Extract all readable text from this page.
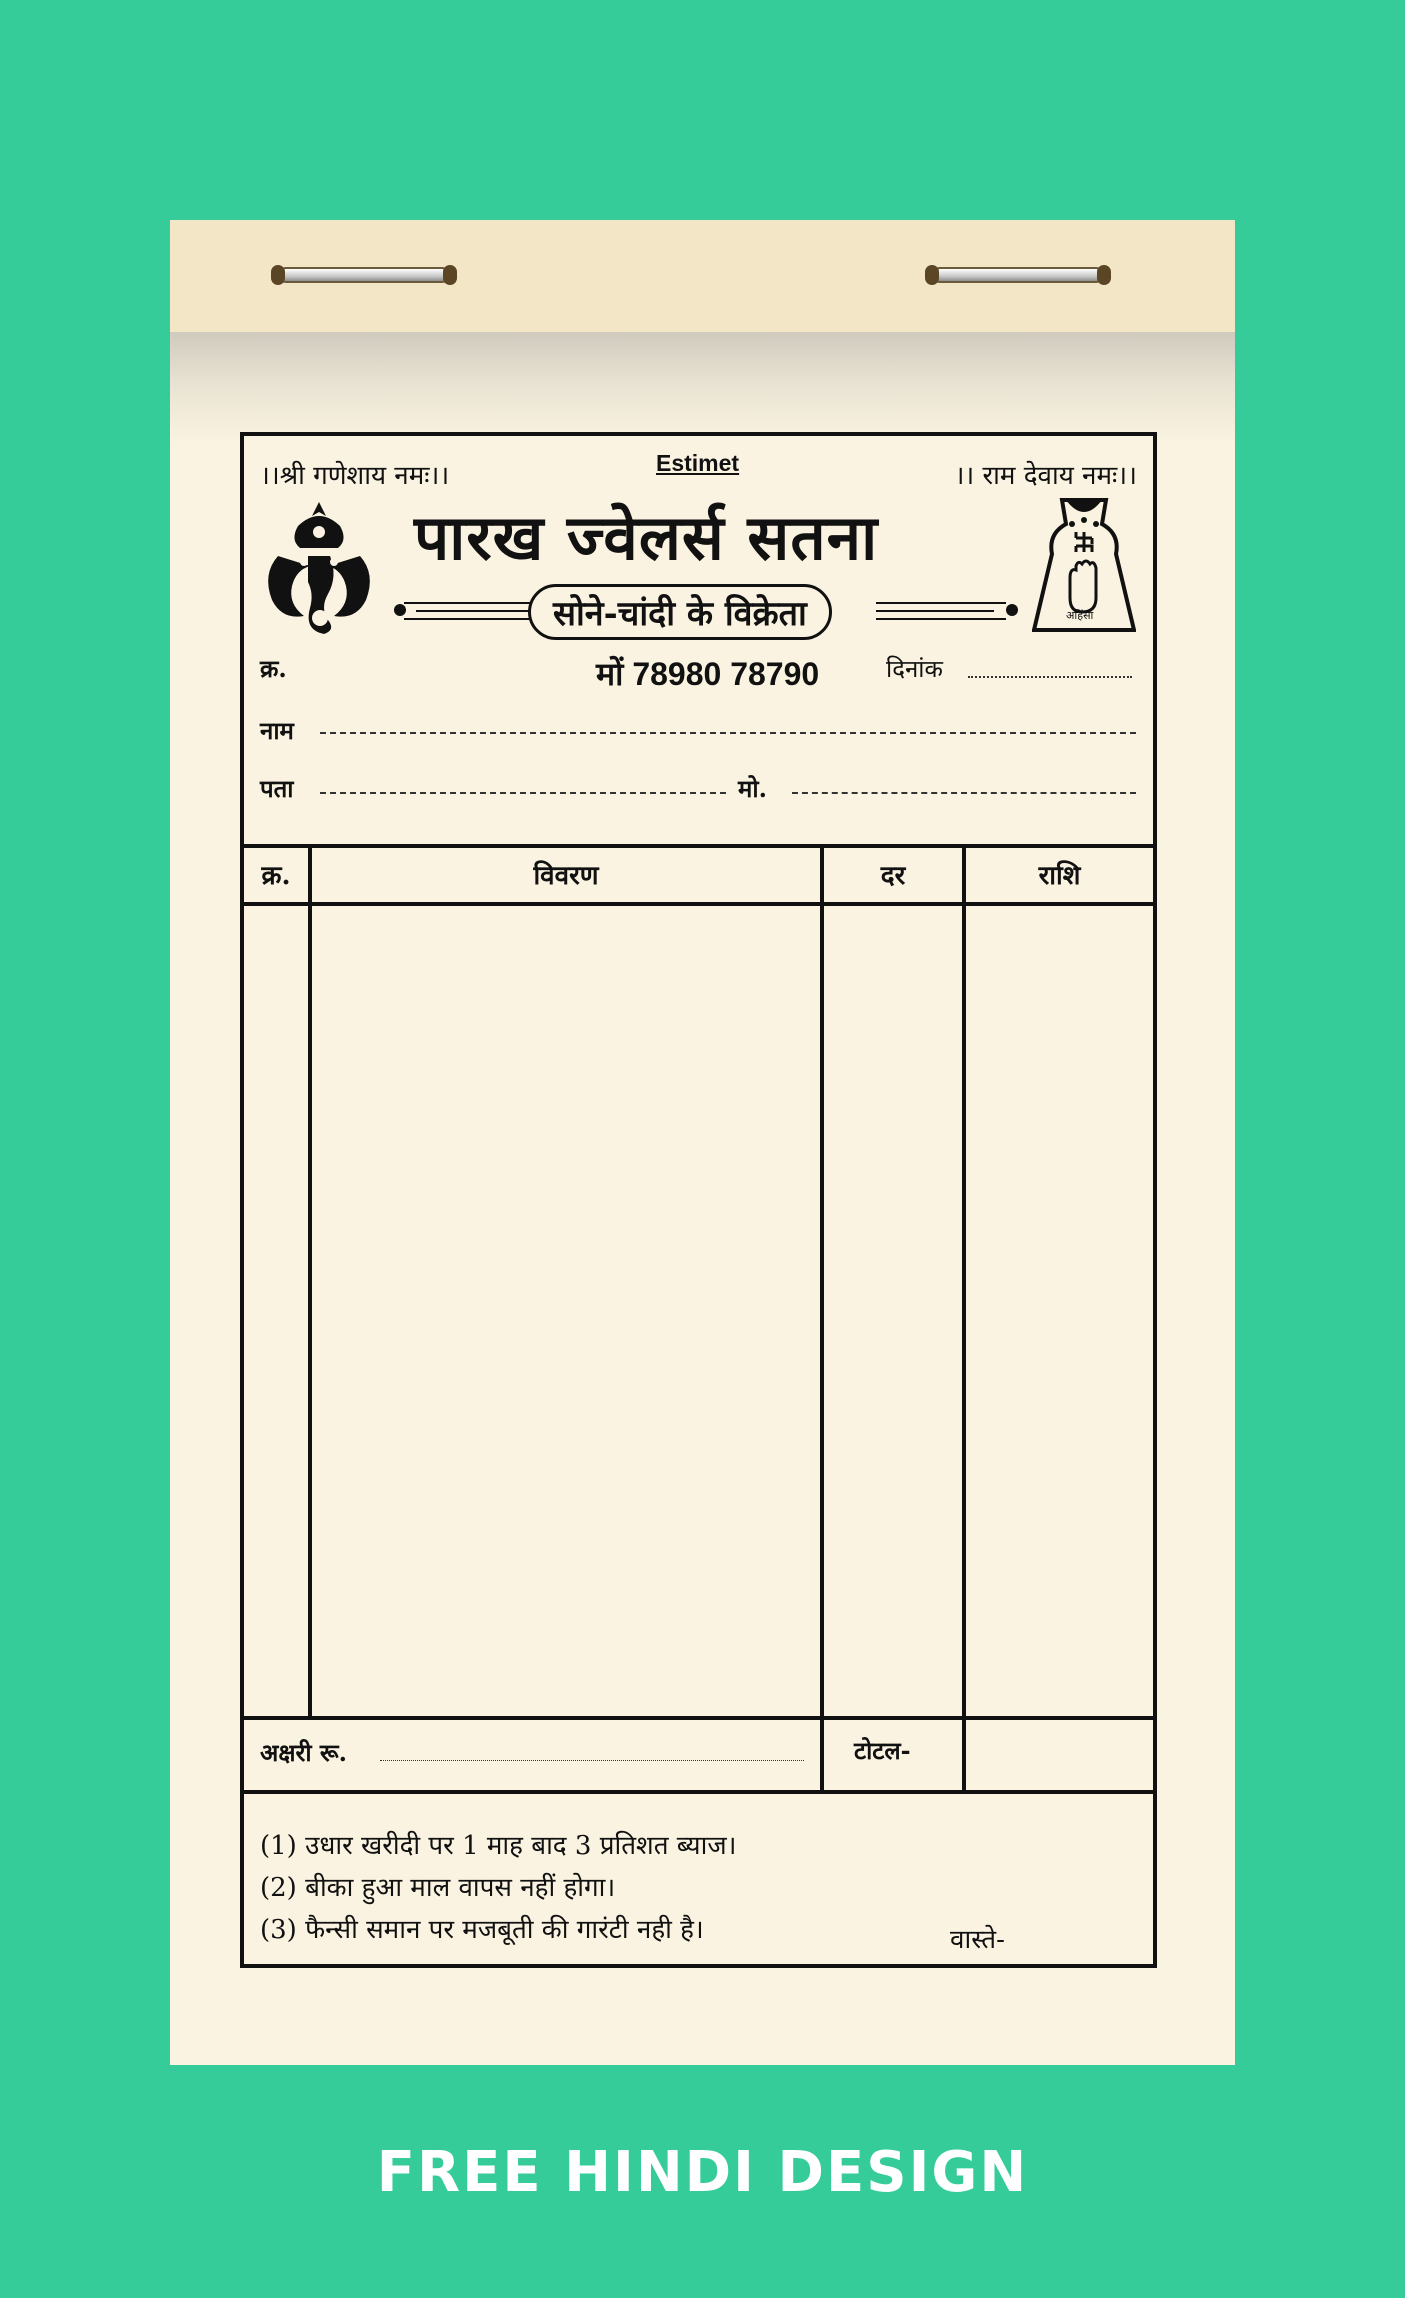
।।श्री गणेशाय नमः।।	Estimet	।। राम देवाय नमः।।
पारख ज्वेलर्स सतना
सोने-चांदी के विक्रेता	अहिंसा
क्र.	मों 78980 78790	दिनांक
नाम
पता	मो.
क्र.	विवरण	दर	राशि
अक्षरी रू.	टोटल-
(1) उधार खरीदी पर 1 माह बाद 3 प्रतिशत ब्याज।
(2) बीका हुआ माल वापस नहीं होगा।
(3) फैन्सी समान पर मजबूती की गारंटी नही है।	वास्ते-
FREE HINDI DESIGN
